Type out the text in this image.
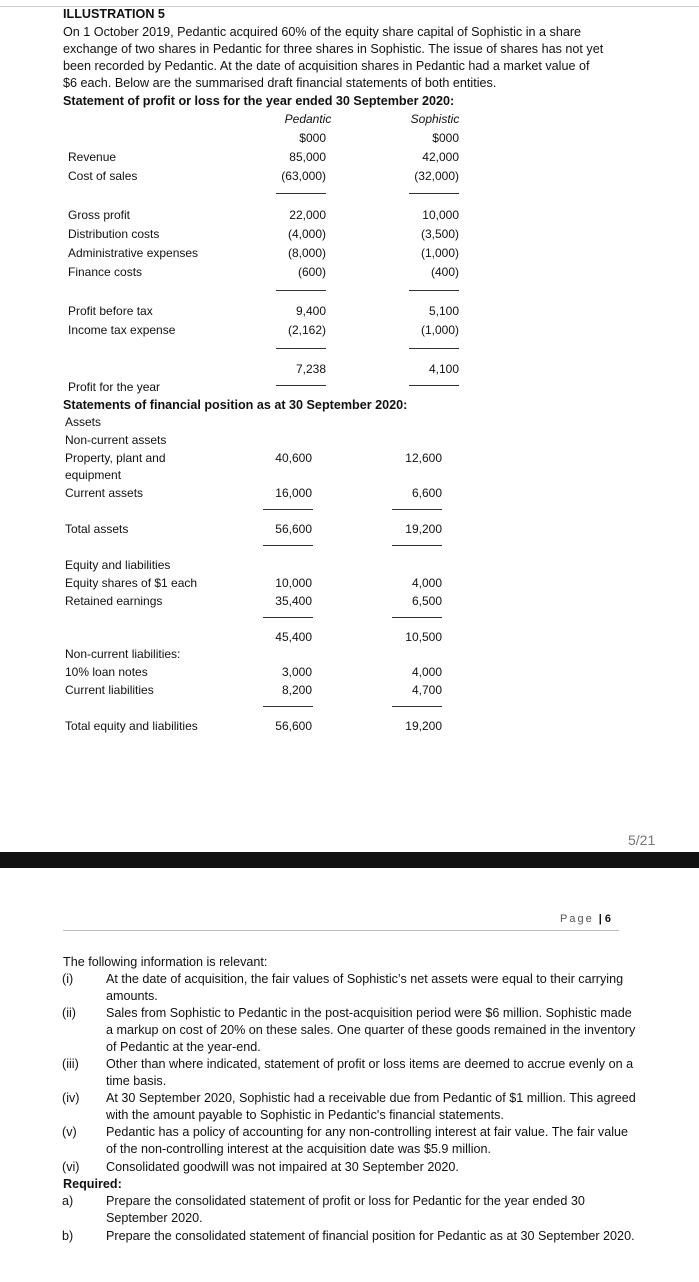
ILLUSTRATION 5
On 1 October 2019, Pedantic acquired 60% of the equity share capital of Sophistic in a share
exchange of two shares in Pedantic for three shares in Sophistic. The issue of shares has not yet
been recorded by Pedantic. At the date of acquisition shares in Pedantic had a market value of
$6 each. Below are the summarised draft financial statements of both entities.
Statement of profit or loss for the year ended 30 September 2020:
Pedantic	Sophistic
$000	$000
Revenue	85,000	42,000
Cost of sales	(63,000)	(32,000)
Gross profit	22,000	10,000
Distribution costs	(4,000)	(3,500)
Administrative expenses	(8,000)	(1,000)
Finance costs	(600)	(400)
Profit before tax	9,400	5,100
Income tax expense	(2,162)	(1,000)
7,238	4,100
Profit for the year
Statements of financial position as at 30 September 2020:
Assets
Non-current assets
Property, plant and	40,600	12,600
equipment
Current assets	16,000	6,600
Total assets	56,600	19,200
Equity and liabilities
Equity shares of $1 each	10,000	4,000
Retained earnings	35,400	6,500
45,400	10,500
Non-current liabilities:
10% loan notes	3,000	4,000
Current liabilities	8,200	4,700
Total equity and liabilities	56,600	19,200
5/21
Page | 6
The following information is relevant:
(i)	At the date of acquisition, the fair values of Sophistic’s net assets were equal to their carrying amounts.
(ii) Sales from Sophistic to Pedantic in the post-acquisition period were $6 million. Sophistic made a markup on cost of 20% on these sales. One quarter of these goods remained in the inventory of Pedantic at the year-end.
(iii) Other than where indicated, statement of profit or loss items are deemed to accrue evenly on a time basis.
(iv) At 30 September 2020, Sophistic had a receivable due from Pedantic of $1 million. This agreed with the amount payable to Sophistic in Pedantic's financial statements.
(v) Pedantic has a policy of accounting for any non-controlling interest at fair value. The fair value of the non-controlling interest at the acquisition date was $5.9 million.
(vi) Consolidated goodwill was not impaired at 30 September 2020.
Required:
a)	Prepare the consolidated statement of profit or loss for Pedantic for the year ended 30 September 2020.
b)	Prepare the consolidated statement of financial position for Pedantic as at 30 September 2020.
